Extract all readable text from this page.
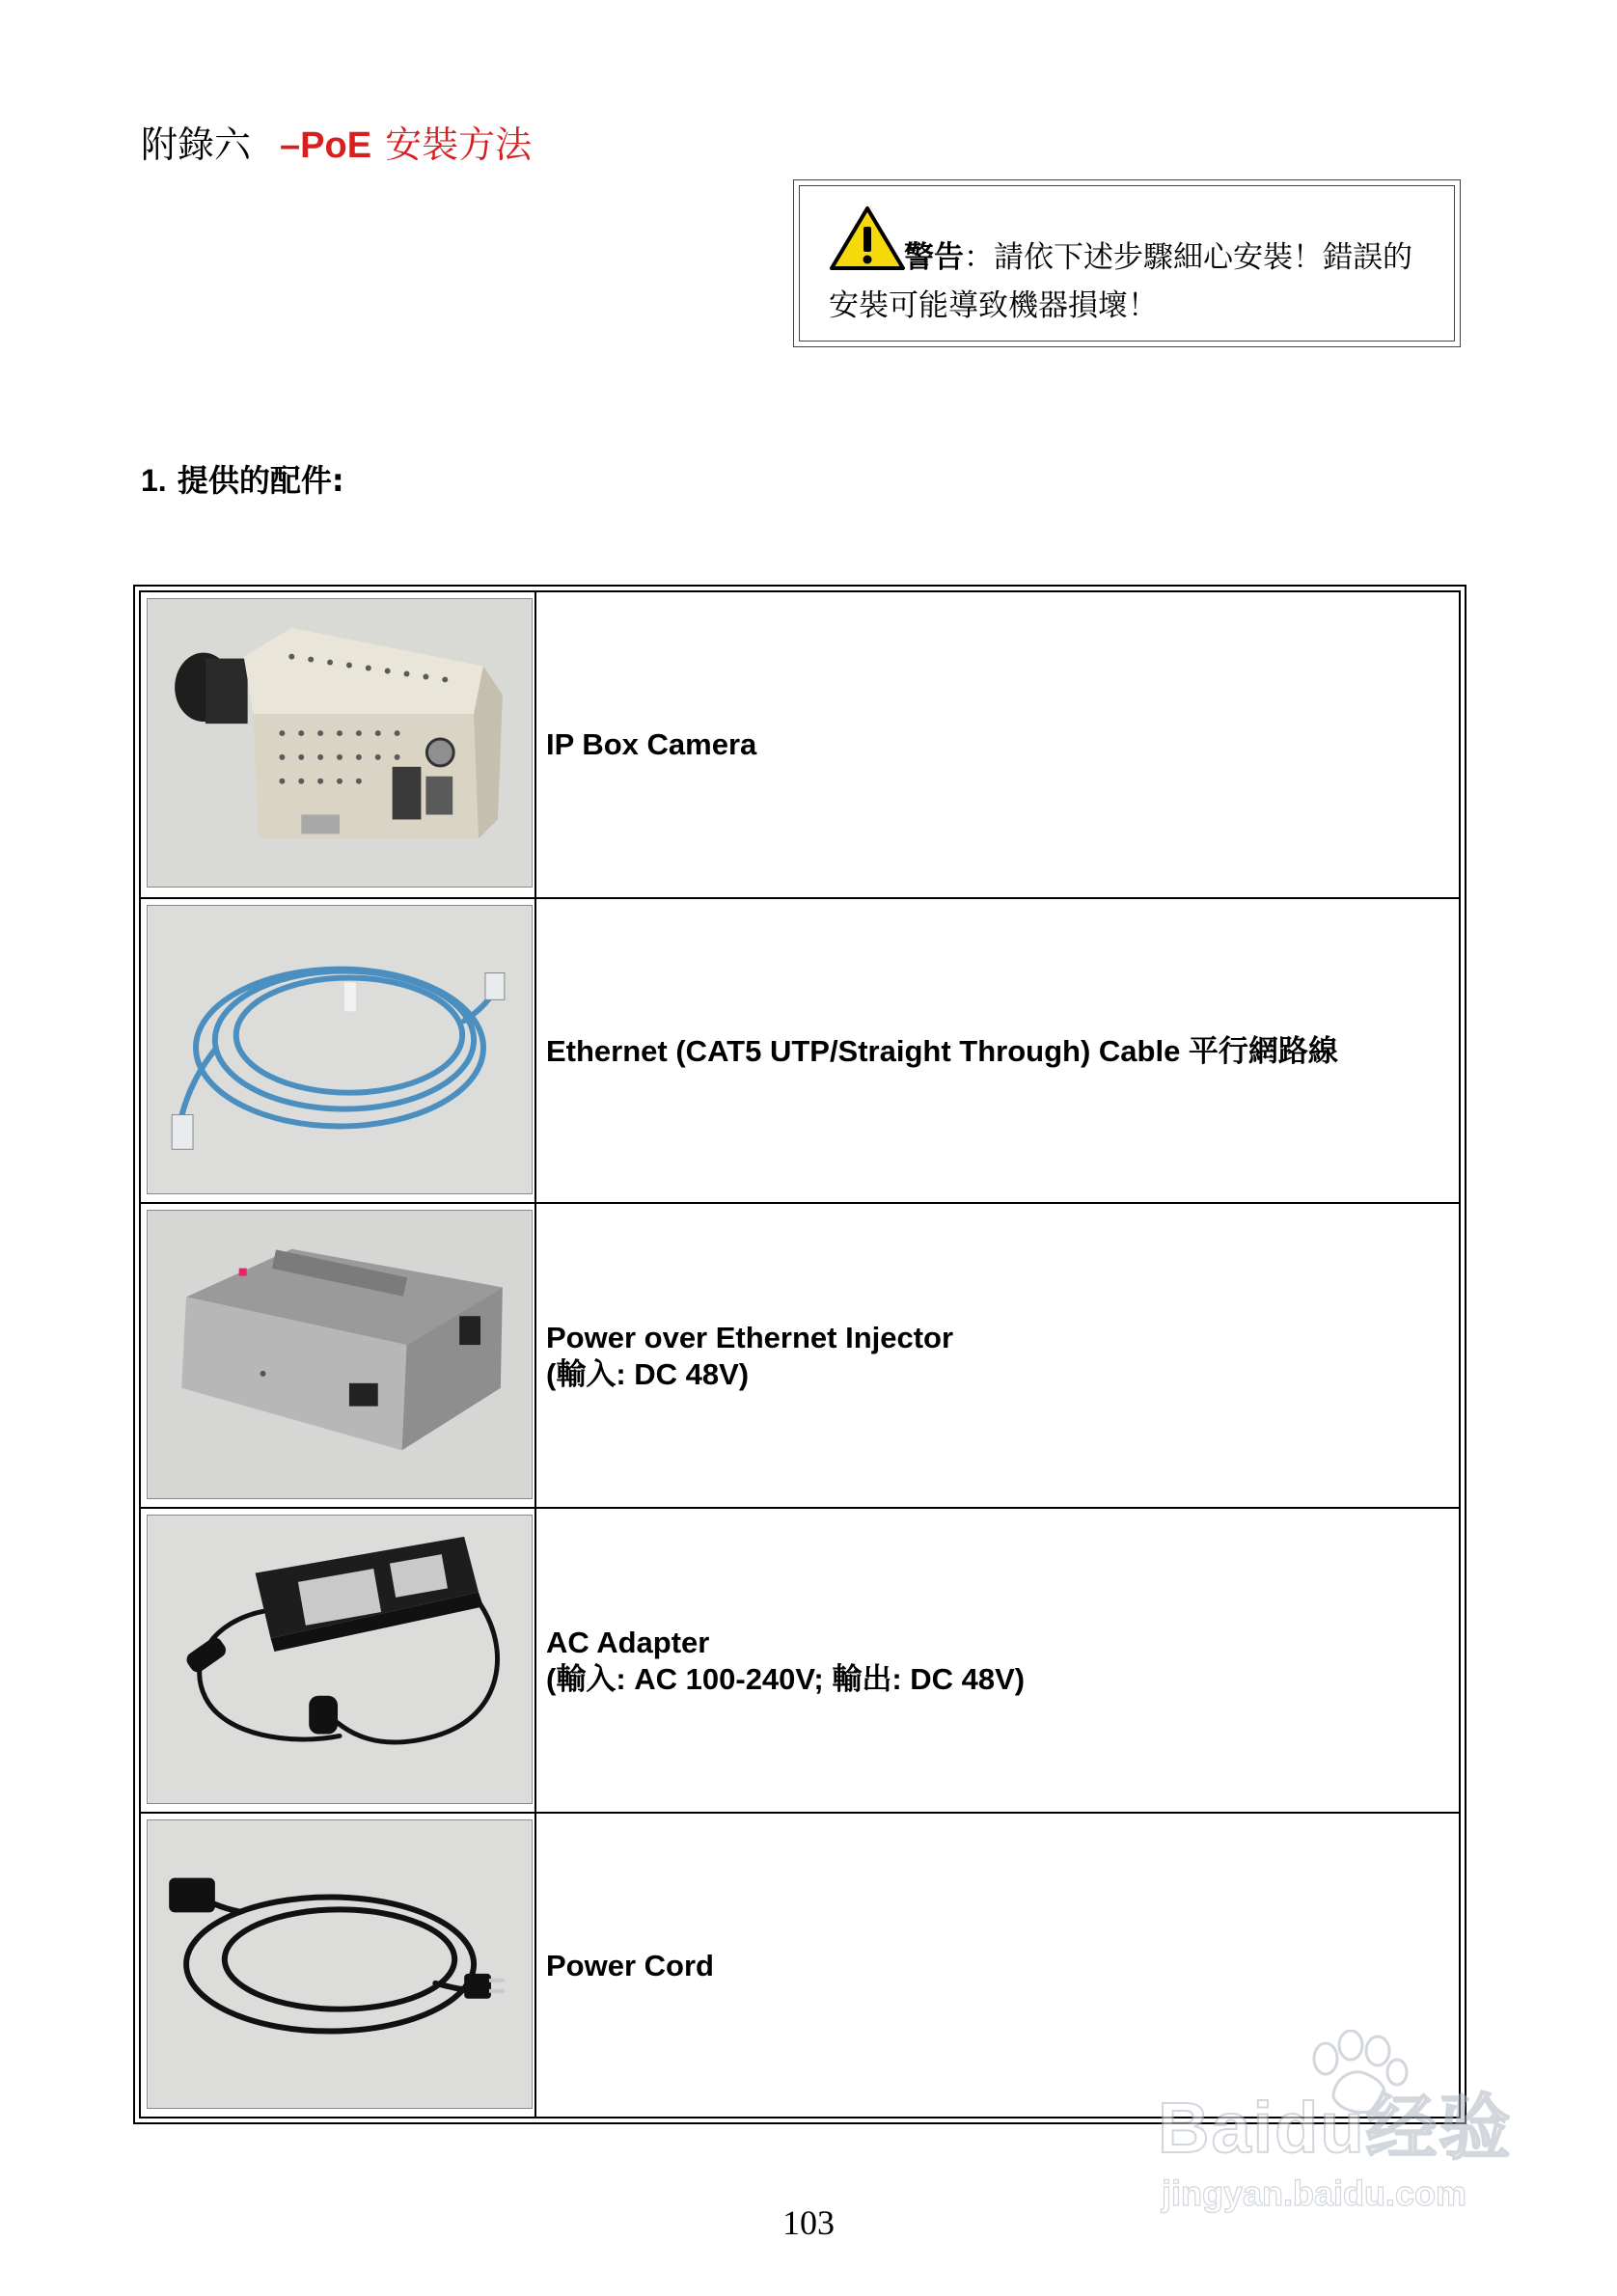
附錄六 –PoE 安裝方法
警告：請依下述步驟細心安裝！錯誤的
安裝可能導致機器損壞！
1. 提供的配件:
IP Box Camera
Ethernet (CAT5 UTP/Straight Through) Cable 平行網路線
Power over Ethernet Injector
(輸入: DC 48V)
AC Adapter
(輸入: AC 100-240V; 輸出: DC 48V)
Power Cord
103
Baidu经验
jingyan.baidu.com
